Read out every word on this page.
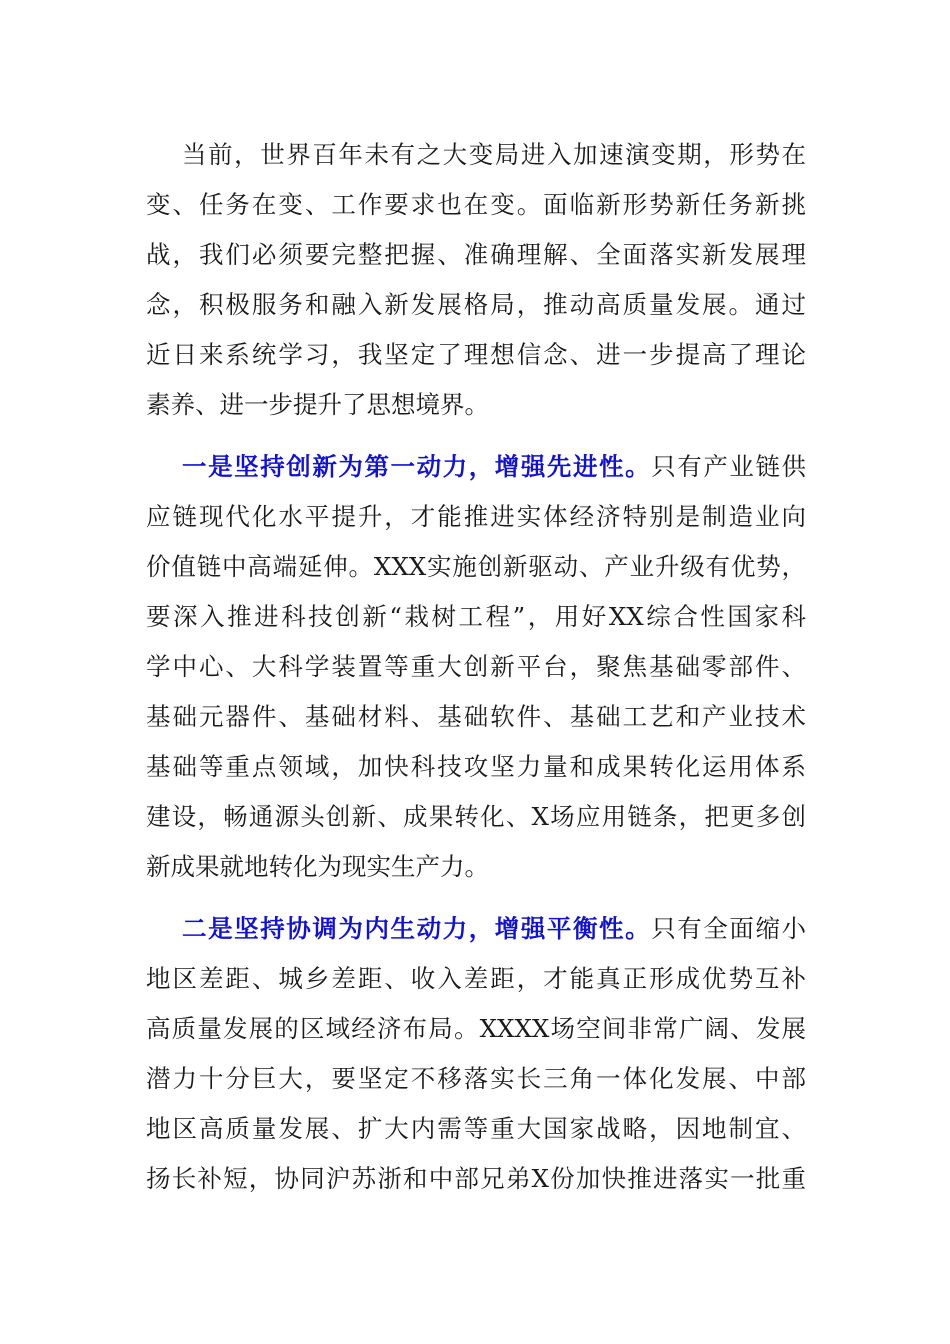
当前，世界百年未有之大变局进入加速演变期，形势在
变、任务在变、工作要求也在变。面临新形势新任务新挑
战，我们必须要完整把握、准确理解、全面落实新发展理
念，积极服务和融入新发展格局，推动高质量发展。通过
近日来系统学习，我坚定了理想信念、进一步提高了理论
素养、进一步提升了思想境界。
一是坚持创新为第一动力，增强先进性。只有产业链供
应链现代化水平提升，才能推进实体经济特别是制造业向
价值链中高端延伸。XXX实施创新驱动、产业升级有优势，
要深入推进科技创新“栽树工程”，用好XX综合性国家科
学中心、大科学装置等重大创新平台，聚焦基础零部件、
基础元器件、基础材料、基础软件、基础工艺和产业技术
基础等重点领域，加快科技攻坚力量和成果转化运用体系
建设，畅通源头创新、成果转化、X场应用链条，把更多创
新成果就地转化为现实生产力。
二是坚持协调为内生动力，增强平衡性。只有全面缩小
地区差距、城乡差距、收入差距，才能真正形成优势互补
高质量发展的区域经济布局。XXXX场空间非常广阔、发展
潜力十分巨大，要坚定不移落实长三角一体化发展、中部
地区高质量发展、扩大内需等重大国家战略，因地制宜、
扬长补短，协同沪苏浙和中部兄弟X份加快推进落实一批重
